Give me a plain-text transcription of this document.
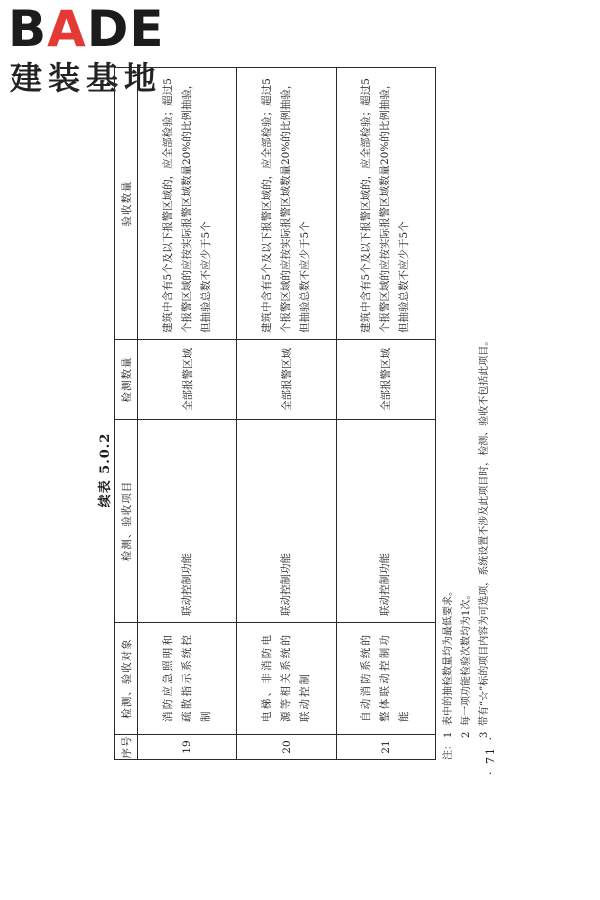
BADE
建装基地
续表 5.0.2
序号	检测、验收对象	检测、验收项目	检测数量	验收数量
19	消防应急照明和疏散指示系统控制	联动控制功能	全部报警区域	建筑中含有5个及以下报警区域的，应全部检验；超过5个报警区域的应按实际报警区域数量20%的比例抽验，但抽验总数不应少于5个
20	电梯、非消防电源等相关系统的联动控制	联动控制功能	全部报警区域	建筑中含有5个及以下报警区域的，应全部检验；超过5个报警区域的应按实际报警区域数量20%的比例抽验，但抽验总数不应少于5个
21	自动消防系统的整体联动控制功能	联动控制功能	全部报警区域	建筑中含有5个及以下报警区域的，应全部检验；超过5个报警区域的应按实际报警区域数量20%的比例抽验，但抽验总数不应少于5个
注：1表中的抽检数量均为最低要求。
2每一项功能检验次数均为1次。
3带有“☆”标的项目内容为可选项，系统设置不涉及此项目时，检测、验收不包括此项目。
· 71 ·
